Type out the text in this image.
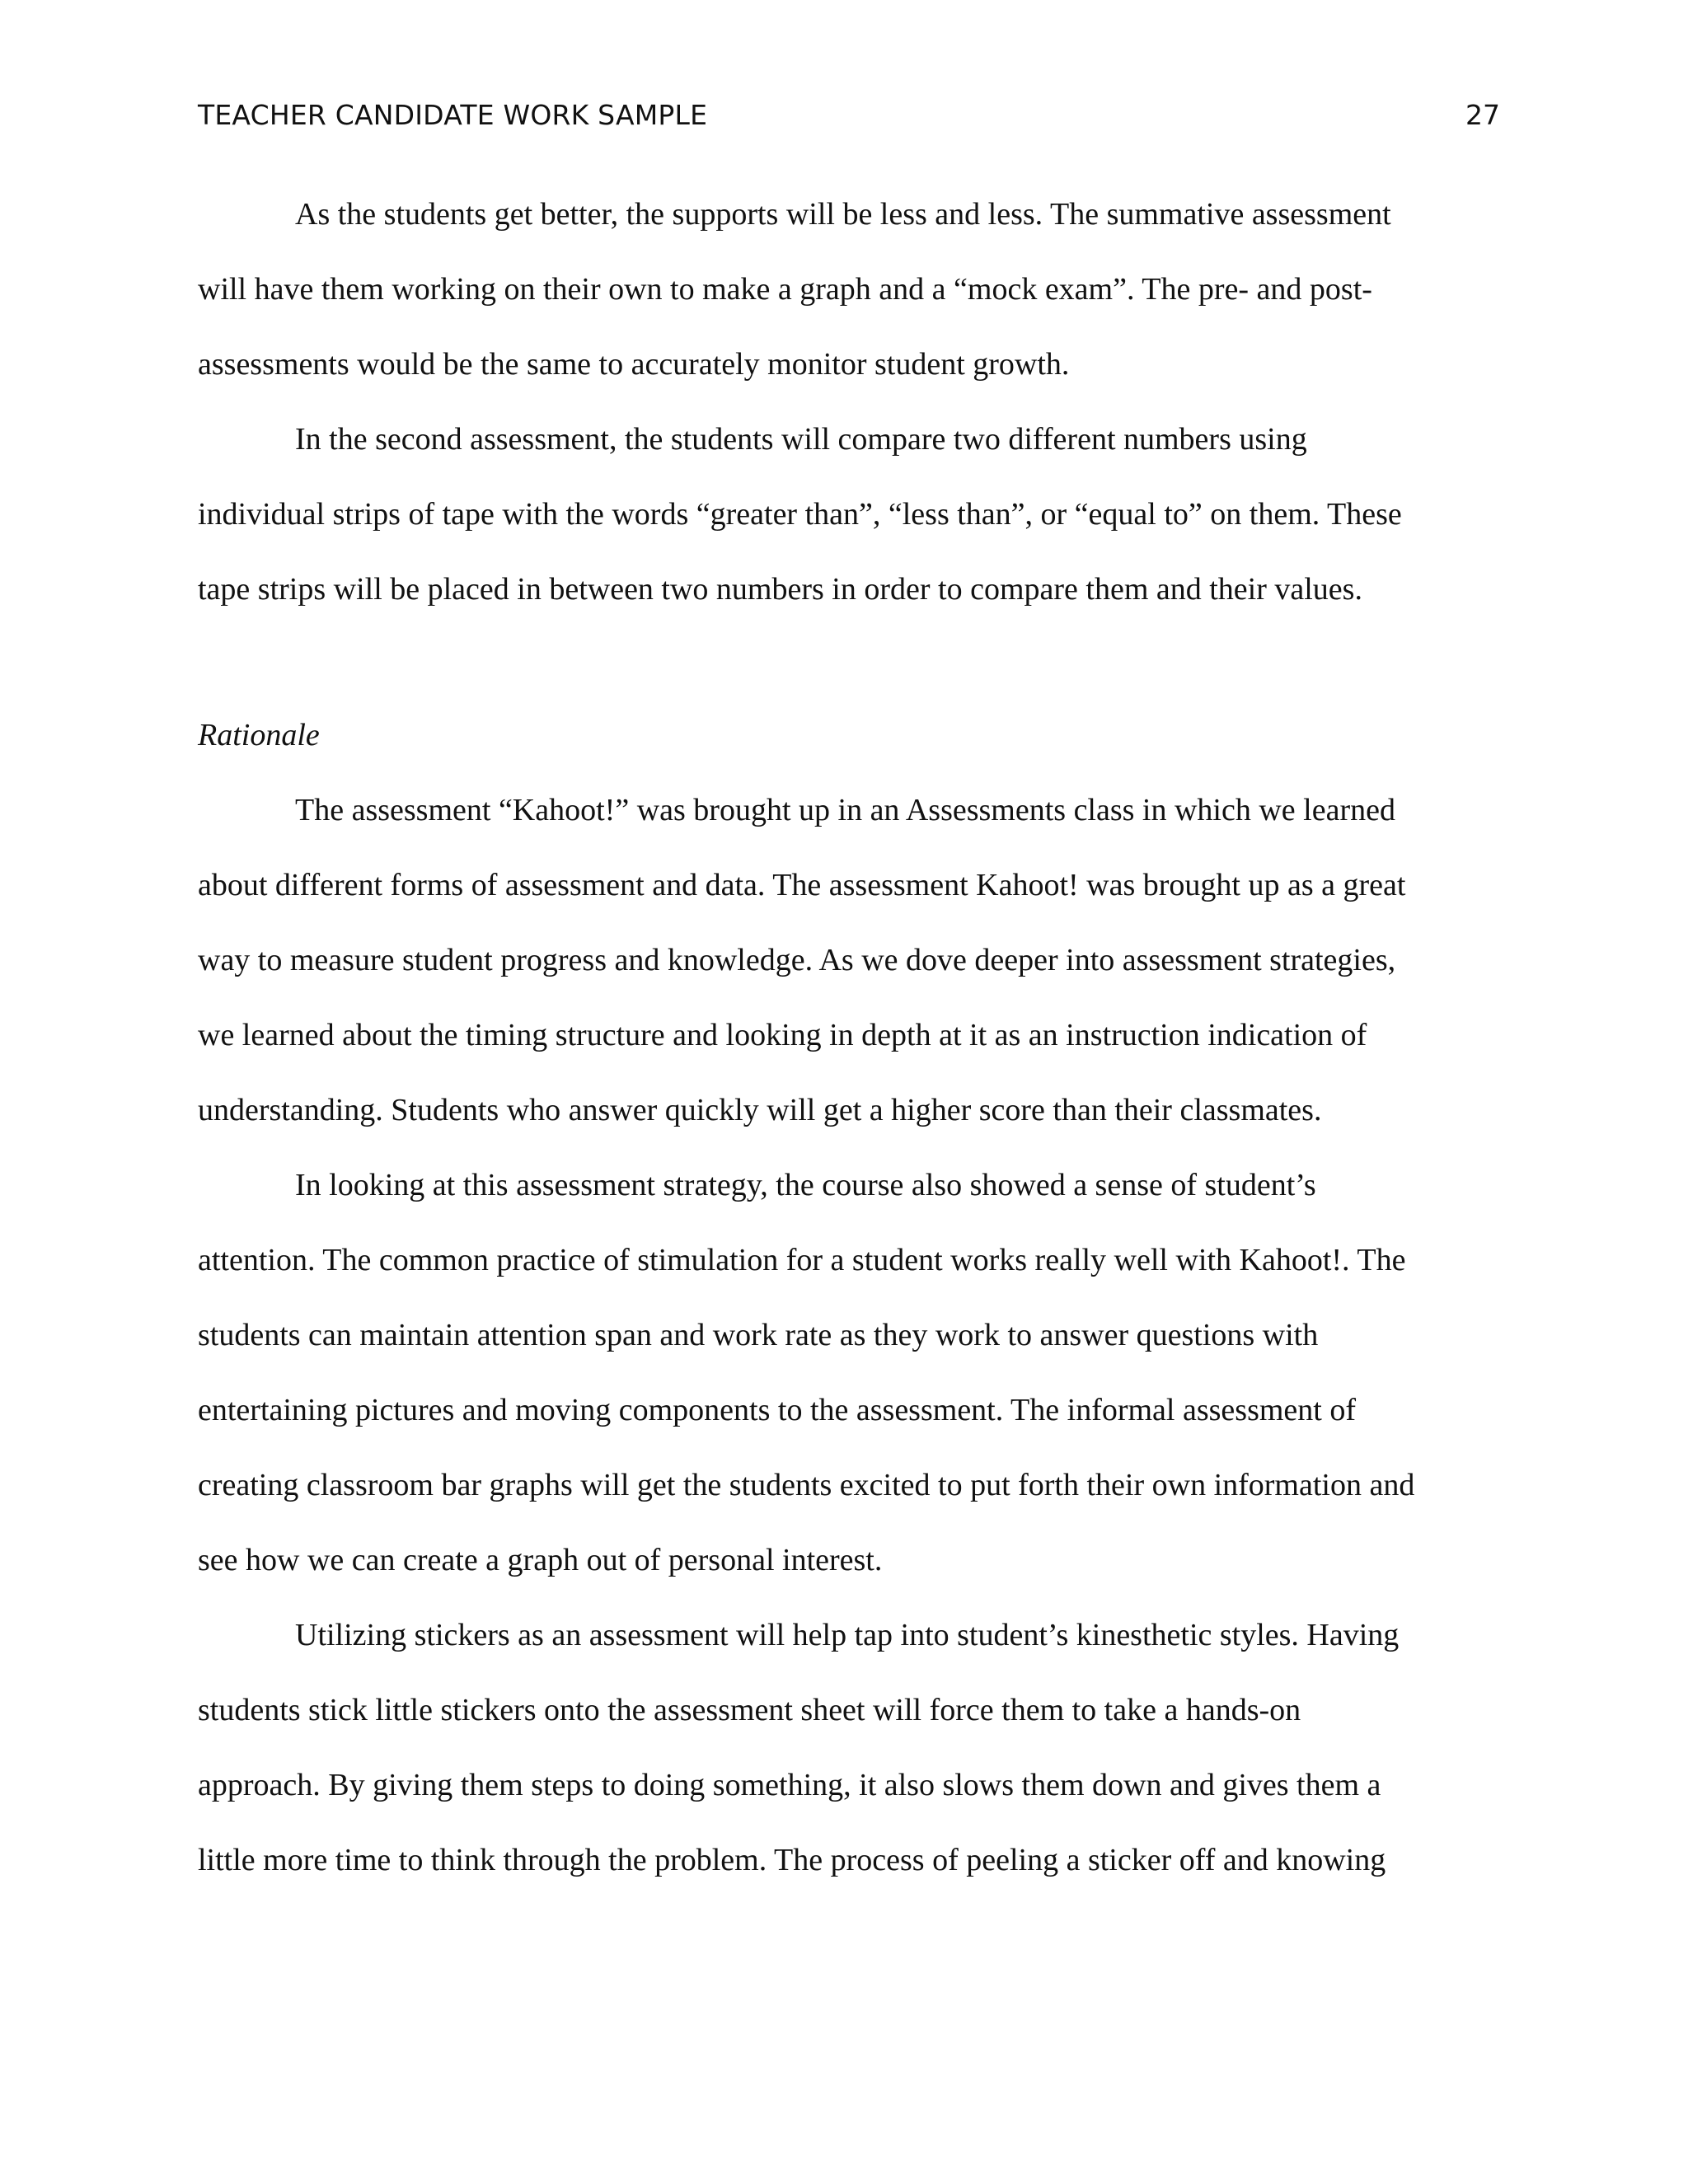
TEACHER CANDIDATE WORK SAMPLE	27
As the students get better, the supports will be less and less. The summative assessment
will have them working on their own to make a graph and a “mock exam”. The pre- and post-
assessments would be the same to accurately monitor student growth.
In the second assessment, the students will compare two different numbers using
individual strips of tape with the words “greater than”, “less than”, or “equal to” on them. These
tape strips will be placed in between two numbers in order to compare them and their values.
Rationale
The assessment “Kahoot!” was brought up in an Assessments class in which we learned
about different forms of assessment and data. The assessment Kahoot! was brought up as a great
way to measure student progress and knowledge. As we dove deeper into assessment strategies,
we learned about the timing structure and looking in depth at it as an instruction indication of
understanding. Students who answer quickly will get a higher score than their classmates.
In looking at this assessment strategy, the course also showed a sense of student’s
attention. The common practice of stimulation for a student works really well with Kahoot!. The
students can maintain attention span and work rate as they work to answer questions with
entertaining pictures and moving components to the assessment. The informal assessment of
creating classroom bar graphs will get the students excited to put forth their own information and
see how we can create a graph out of personal interest.
Utilizing stickers as an assessment will help tap into student’s kinesthetic styles. Having
students stick little stickers onto the assessment sheet will force them to take a hands-on
approach. By giving them steps to doing something, it also slows them down and gives them a
little more time to think through the problem. The process of peeling a sticker off and knowing
